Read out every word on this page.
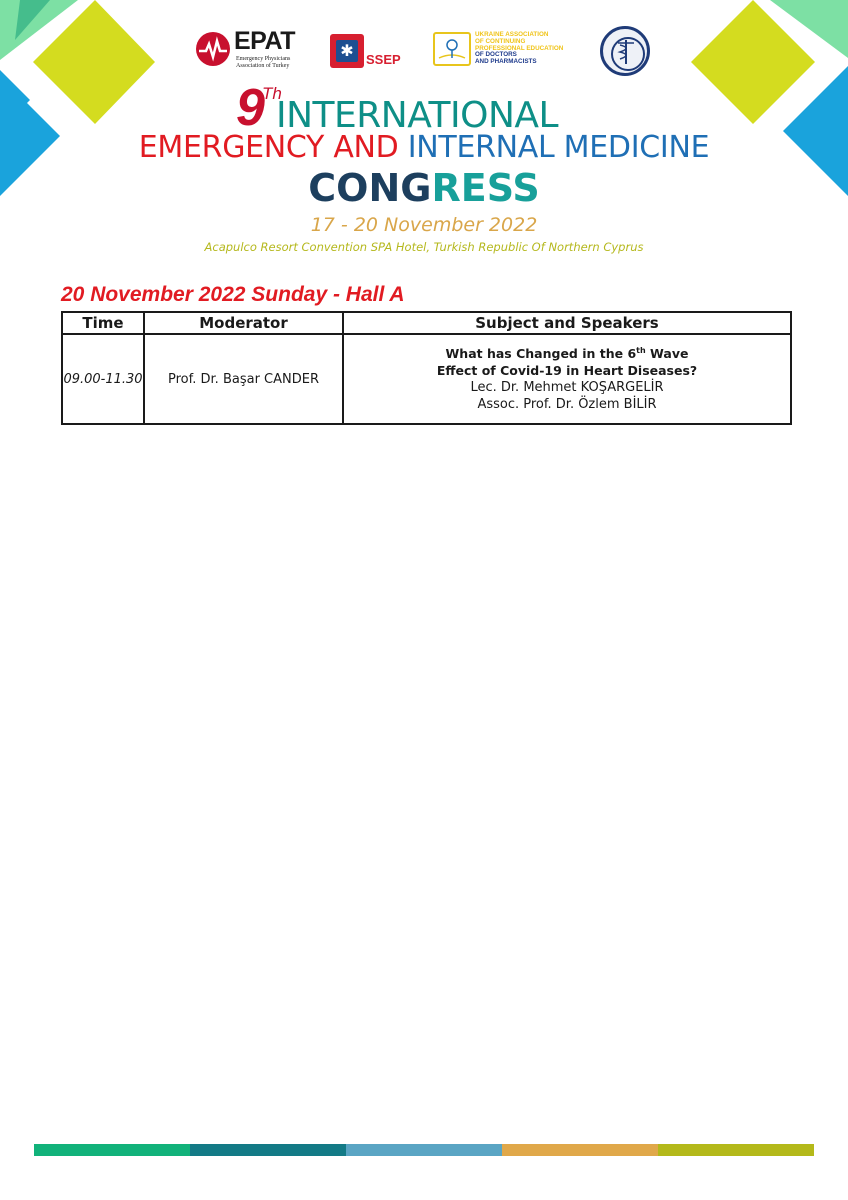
EPAT
Emergency Physicians Association of Turkey
✱ SSEP
UKRAINE ASSOCIATION
OF CONTINUING
PROFESSIONAL EDUCATION
OF DOCTORS
AND PHARMACISTS
9 Th
INTERNATIONAL
EMERGENCY AND INTERNAL MEDICINE
CONGRESS
17 - 20 November 2022
Acapulco Resort Convention SPA Hotel, Turkish Republic Of Northern Cyprus
20 November 2022 Sunday - Hall A
Time	Moderator	Subject and Speakers
09.00-11.30	Prof. Dr. Başar CANDER	What has Changed in the 6th Wave
Effect of Covid-19 in Heart Diseases?
Lec. Dr. Mehmet KOŞARGELİR
Assoc. Prof. Dr. Özlem BİLİR
